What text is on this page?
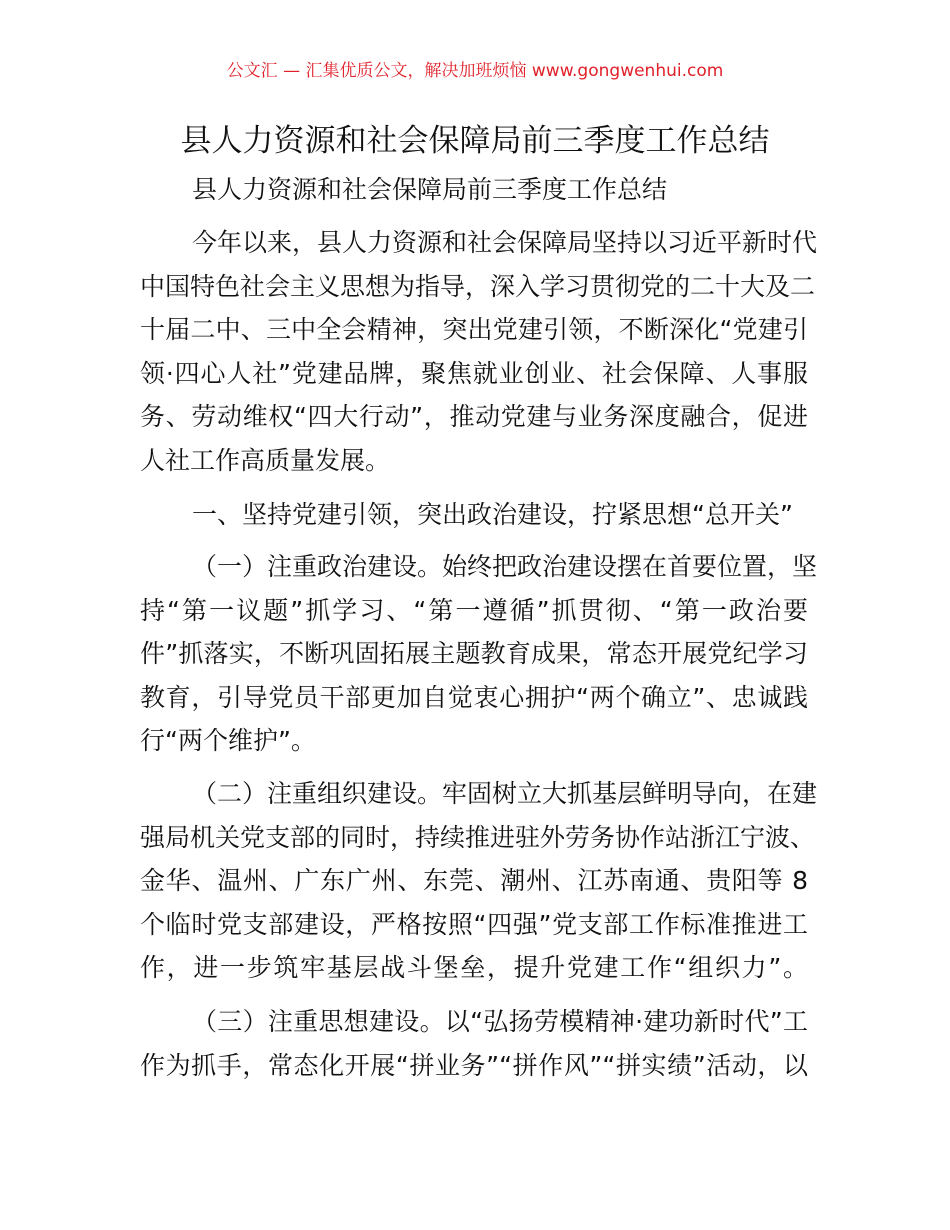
公文汇 — 汇集优质公文，解决加班烦恼 www.gongwenhui.com
县人力资源和社会保障局前三季度工作总结
县人力资源和社会保障局前三季度工作总结
今年以来，县人力资源和社会保障局坚持以习近平新时代
中国特色社会主义思想为指导，深入学习贯彻党的二十大及二
十届二中、三中全会精神，突出党建引领，不断深化“党建引
领·四心人社”党建品牌，聚焦就业创业、社会保障、人事服
务、劳动维权“四大行动”，推动党建与业务深度融合，促进
人社工作高质量发展。
一、坚持党建引领，突出政治建设，拧紧思想“总开关”
（一）注重政治建设。始终把政治建设摆在首要位置，坚
持“第一议题”抓学习、“第一遵循”抓贯彻、“第一政治要
件”抓落实，不断巩固拓展主题教育成果，常态开展党纪学习
教育，引导党员干部更加自觉衷心拥护“两个确立”、忠诚践
行“两个维护”。
（二）注重组织建设。牢固树立大抓基层鲜明导向，在建
强局机关党支部的同时，持续推进驻外劳务协作站浙江宁波、
金华、温州、广东广州、东莞、潮州、江苏南通、贵阳等 8
个临时党支部建设，严格按照“四强”党支部工作标准推进工
作，进一步筑牢基层战斗堡垒，提升党建工作“组织力”。
（三）注重思想建设。以“弘扬劳模精神·建功新时代”工
作为抓手，常态化开展“拼业务”“拼作风”“拼实绩”活动，以
